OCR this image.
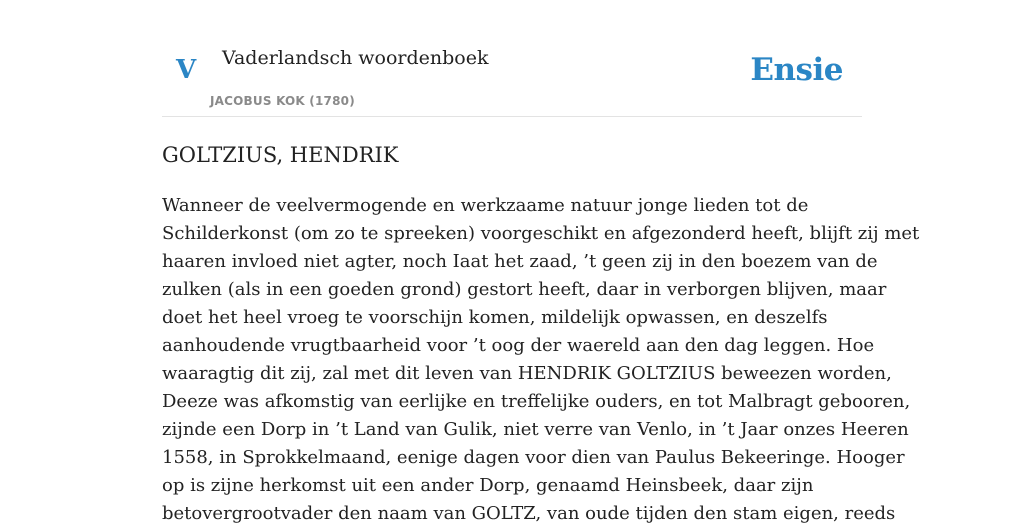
V Vaderlandsch woordenboek
JACOBUS KOK (1780)
Ensie
GOLTZIUS, HENDRIK
Wanneer de veelvermogende en werkzaame natuur jonge lieden tot de
Schilderkonst (om zo te spreeken) voorgeschikt en afgezonderd heeft, blijft zij met
haaren invloed niet agter, noch Iaat het zaad, ’t geen zij in den boezem van de
zulken (als in een goeden grond) gestort heeft, daar in verborgen blijven, maar
doet het heel vroeg te voorschijn komen, mildelijk opwassen, en deszelfs
aanhoudende vrugtbaarheid voor ’t oog der waereld aan den dag leggen. Hoe
waaragtig dit zij, zal met dit leven van HENDRIK GOLTZIUS beweezen worden,
Deeze was afkomstig van eerlijke en treffelijke ouders, en tot Malbragt gebooren,
zijnde een Dorp in ’t Land van Gulik, niet verre van Venlo, in ’t Jaar onzes Heeren
1558, in Sprokkelmaand, eenige dagen voor dien van Paulus Bekeeringe. Hooger
op is zijne herkomst uit een ander Dorp, genaamd Heinsbeek, daar zijn
betovergrootvader den naam van GOLTZ, van oude tijden den stam eigen, reeds
